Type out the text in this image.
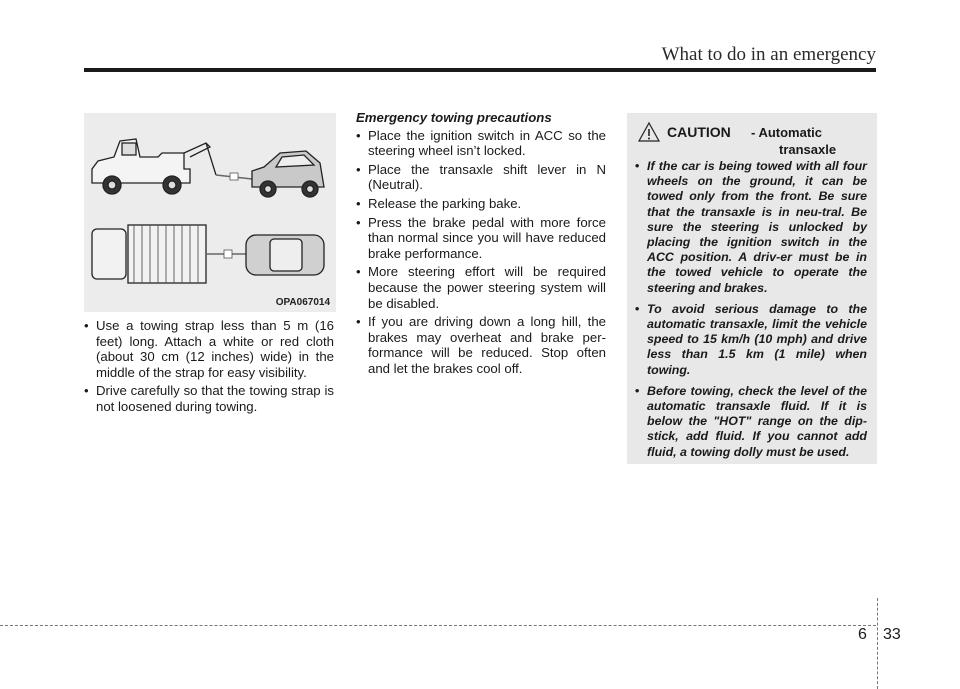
What to do in an emergency
OPA067014
• Use a towing strap less than 5 m (16 feet) long. Attach a white or red cloth (about 30 cm (12 inches) wide) in the middle of the strap for easy visibility.
• Drive carefully so that the towing strap is not loosened during towing.
Emergency towing precautions
• Place the ignition switch in ACC so the steering wheel isn’t locked.
• Place the transaxle shift lever in N (Neutral).
• Release the parking bake.
• Press the brake pedal with more force than normal since you will have reduced brake performance.
• More steering effort will be required because the power steering system will be disabled.
• If you are driving down a long hill, the brakes may overheat and brake per-formance will be reduced. Stop often and let the brakes cool off.
CAUTION - Automatic
transaxle
• If the car is being towed with all four wheels on the ground, it can be towed only from the front. Be sure that the transaxle is in neu-tral. Be sure the steering is unlocked by placing the ignition switch in the ACC position. A driv-er must be in the towed vehicle to operate the steering and brakes.
• To avoid serious damage to the automatic transaxle, limit the vehicle speed to 15 km/h (10 mph) and drive less than 1.5 km (1 mile) when towing.
• Before towing, check the level of the automatic transaxle fluid. If it is below the "HOT" range on the dip-stick, add fluid. If you cannot add fluid, a towing dolly must be used.
6 33
